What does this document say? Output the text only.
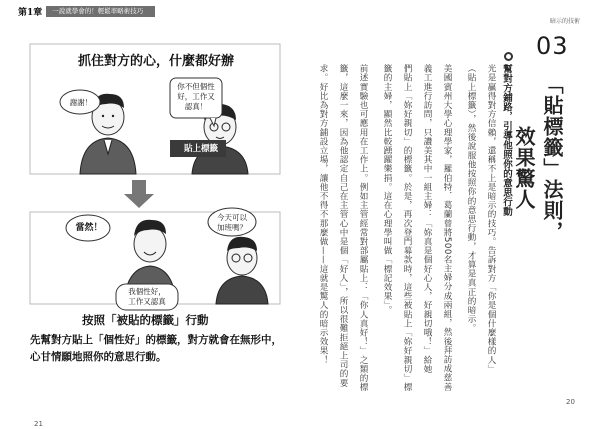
第1章	一說就學會的！輕鬆率略術技巧
抓住對方的心，什麼都好辦
謝謝！
你不但個性
好，工作又
認真！
貼上標籤
當然！
今天可以
加班嗎？
我個性好，
工作又認真
按照「被貼的標籤」行動
先幫對方貼上「個性好」的標籤，對方就會在無形中，心甘情願地照你的意思行動。
21
暗示的技術
03
「貼標籤」法則，
效果驚人
幫對方鋪路，引導他照你的意思行動
光是贏得對方信賴，還稱不上是暗示的技巧。告訴對方「你是個什麼樣的人」
（貼上標籤），然後說服他按照你的意思行動，才算是真正的暗示。
美國賓州大學心理學家，羅伯特．葛蘭曾將500名主婦分成兩組，然後拜訪成慈善
義工進行訪問，只讚美其中一組主婦：「妳真是個好心人，好親切哦！」給她
們貼上「妳好親切」的標籤。於是，再次登門募款時，這些被貼上「妳好親切」標
籤的主婦，顯然比較踴躍樂捐。這在心理學叫做「標記效果」。
前述實驗也可應用在工作上。例如主管經常對部屬貼上：「你人真好！」之類的標
籤，這麼一來，因為他認定自己在主管心中是個「好人」，所以很難拒絕上司的要
求。好比為對方鋪設立場，讓他不得不那麼做——這就是驚人的暗示效果！
20
